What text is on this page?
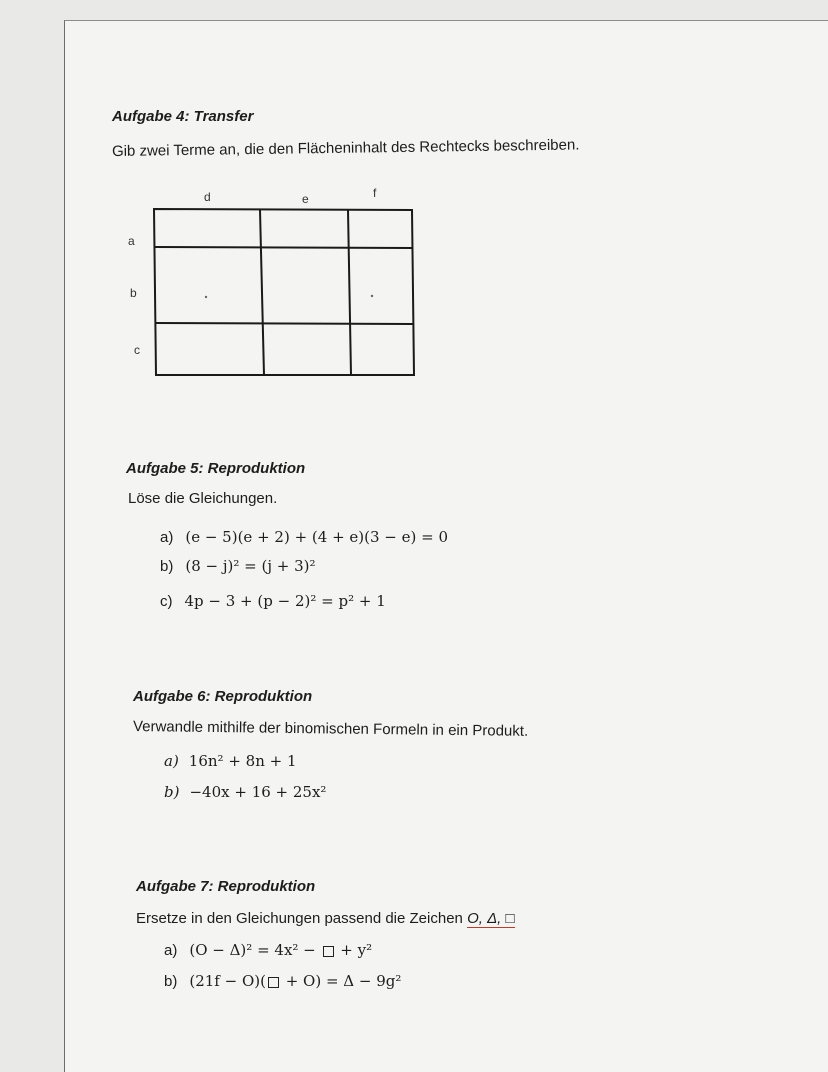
Aufgabe 4: Transfer
Gib zwei Terme an, die den Flächeninhalt des Rechtecks beschreiben.
d	e	f
a
b
c
Aufgabe 5: Reproduktion
Löse die Gleichungen.
a) (e − 5)(e + 2) + (4 + e)(3 − e) = 0
b) (8 − j)² = (j + 3)²
c) 4p − 3 + (p − 2)² = p² + 1
Aufgabe 6: Reproduktion
Verwandle mithilfe der binomischen Formeln in ein Produkt.
a) 16n² + 8n + 1
b) −40x + 16 + 25x²
Aufgabe 7: Reproduktion
Ersetze in den Gleichungen passend die Zeichen O, Δ, □
a) (O − Δ)² = 4x² −  + y²
b) (21f − O)( + O) = Δ − 9g²
